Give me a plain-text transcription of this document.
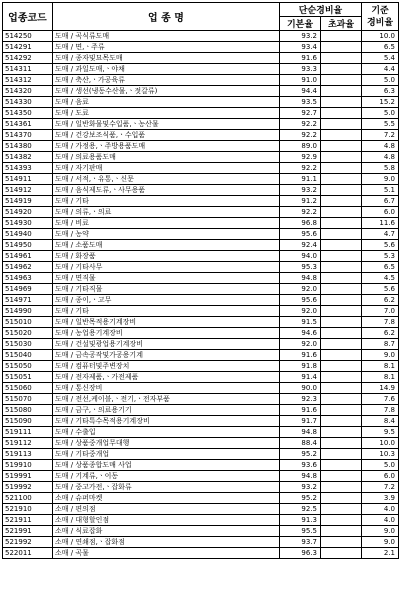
업종코드	업 종 명	단순경비율		기준
경비율

		기본율	초과율	
514250	도매 / 곡식류도매	93.2		10.0
514291	도매 / 면,ㆍ주류	93.4		6.5
514292	도매 / 종자및묘목도매	91.6		5.4
514311	도매 / 과일도매,ㆍ야채	93.3		4.4
514312	도매 / 축산,ㆍ가공육류	91.0		5.0
514320	도매 / 생선(냉동수산물,ㆍ젓갈류)	94.4		6.3
514330	도매 / 음료	93.5		15.2
514350	도매 / 도료	92.7		5.0
514361	도매 / 일반화물및수입품,ㆍ농산물	92.2		5.5
514370	도매 / 건강보조식품,ㆍ수입품	92.2		7.2
514380	도매 / 가정용,ㆍ주방용품도매	89.0		4.8
514382	도매 / 의료용품도매	92.9		4.8
514393	도매 / 자기판매	92.2		5.8
514911	도매 / 서적,ㆍ유통,ㆍ신문	91.1		9.0
514912	도매 / 음식제도류,ㆍ사무용품	93.2		5.1
514919	도매 / 기타	91.2		6.7
514920	도매 / 의류,ㆍ의료	92.2		6.0
514930	도매 / 비료	96.8		11.6
514940	도매 / 농약	95.6		4.7
514950	도매 / 소품도매	92.4		5.6
514961	도매 / 화장품	94.0		5.3
514962	도매 / 기타사무	95.3		6.5
514963	도매 / 면직물	94.8		4.5
514969	도매 / 기타직물	92.0		5.6
514971	도매 / 종이,ㆍ고무	95.6		6.2
514990	도매 / 기타	92.0		7.0
515010	도매 / 일반목적용기계장비	91.5		7.8
515020	도매 / 농업용기계장비	94.6		6.2
515030	도매 / 건설및광업용기계장비	92.0		8.7
515040	도매 / 금속공작및가공용기계	91.6		9.0
515050	도매 / 컴퓨터및주변장치	91.8		8.1
515051	도매 / 전자제품,ㆍ가전제품	91.4		8.1
515060	도매 / 통신장비	90.0		14.9
515070	도매 / 전선,케이블,ㆍ전기,ㆍ전자부품	92.3		7.6
515080	도매 / 금구,ㆍ의료용기기	91.6		7.8
515090	도매 / 기타특수목적용기계장비	91.7		8.4
519111	도매 / 수출입	94.8		9.5
519112	도매 / 상품중개업무대행	88.4		10.0
519113	도매 / 기타중개업	95.2		10.3
519910	도매 / 상품종합도매 사업	93.6		5.0
519991	도매 / 기계류,ㆍ이동	94.8		6.0
519992	도매 / 중고가전,ㆍ잡화류	93.2		7.2
521100	소매 / 슈퍼마켓	95.2		3.9
521910	소매 / 편의점	92.5		4.0
521911	소매 / 대형할인점	91.3		4.0
521991	소매 / 식료잡화	95.5		9.0
521992	소매 / 연쇄점,ㆍ잡화점	93.7		9.0
522011	소매 / 곡물	96.3		2.1
